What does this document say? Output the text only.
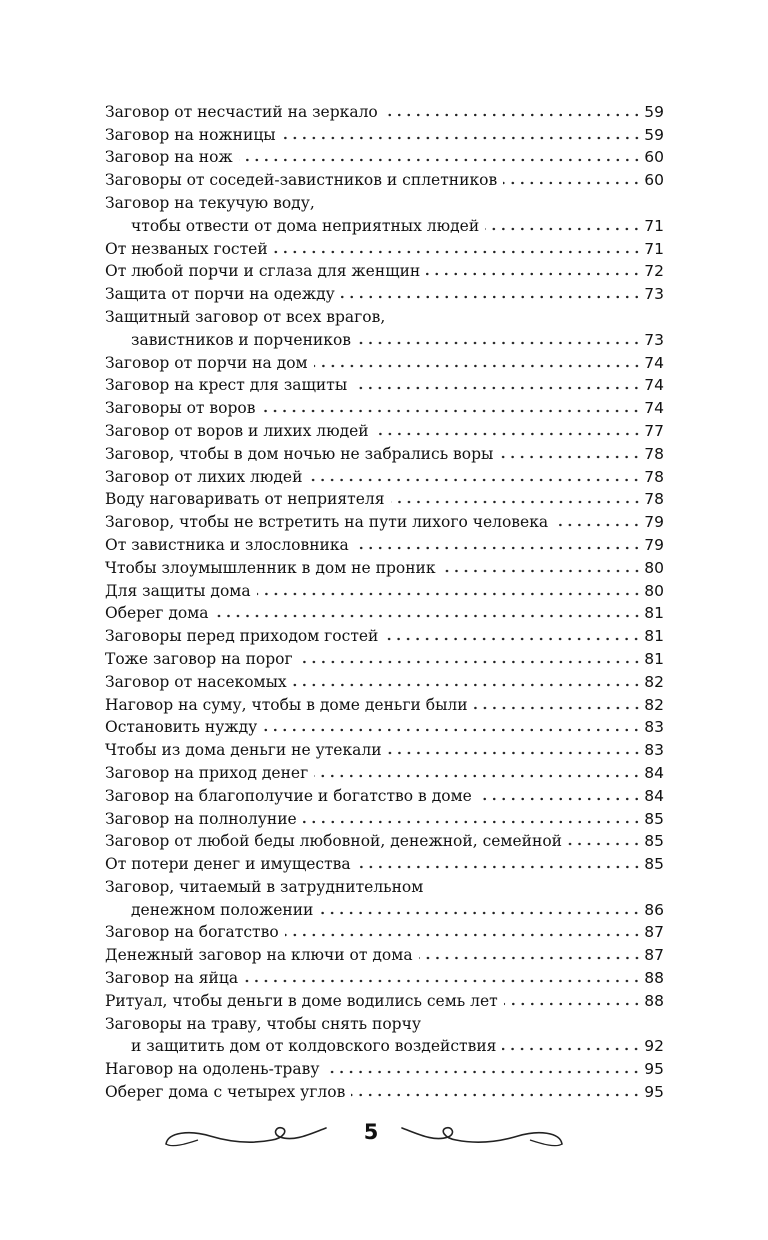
Заговор от несчастий на зеркало	59
Заговор на ножницы	59
Заговор на нож	60
Заговоры от соседей-завистников и сплетников	60
Заговор на текучую воду,
чтобы отвести от дома неприятных людей	71
От незваных гостей	71
От любой порчи и сглаза для женщин	72
Защита от порчи на одежду	73
Защитный заговор от всех врагов,
завистников и порчеников	73
Заговор от порчи на дом	74
Заговор на крест для защиты	74
Заговоры от воров	74
Заговор от воров и лихих людей	77
Заговор, чтобы в дом ночью не забрались воры	78
Заговор от лихих людей	78
Воду наговаривать от неприятеля	78
Заговор, чтобы не встретить на пути лихого человека	79
От завистника и злословника	79
Чтобы злоумышленник в дом не проник	80
Для защиты дома	80
Оберег дома	81
Заговоры перед приходом гостей	81
Тоже заговор на порог	81
Заговор от насекомых	82
Наговор на суму, чтобы в доме деньги были	82
Остановить нужду	83
Чтобы из дома деньги не утекали	83
Заговор на приход денег	84
Заговор на благополучие и богатство в доме	84
Заговор на полнолуние	85
Заговор от любой беды любовной, денежной, семейной	85
От потери денег и имущества	85
Заговор, читаемый в затруднительном
денежном положении	86
Заговор на богатство	87
Денежный заговор на ключи от дома	87
Заговор на яйца	88
Ритуал, чтобы деньги в доме водились семь лет	88
Заговоры на траву, чтобы снять порчу
и защитить дом от колдовского воздействия	92
Наговор на одолень-траву	95
Оберег дома с четырех углов	95
5
